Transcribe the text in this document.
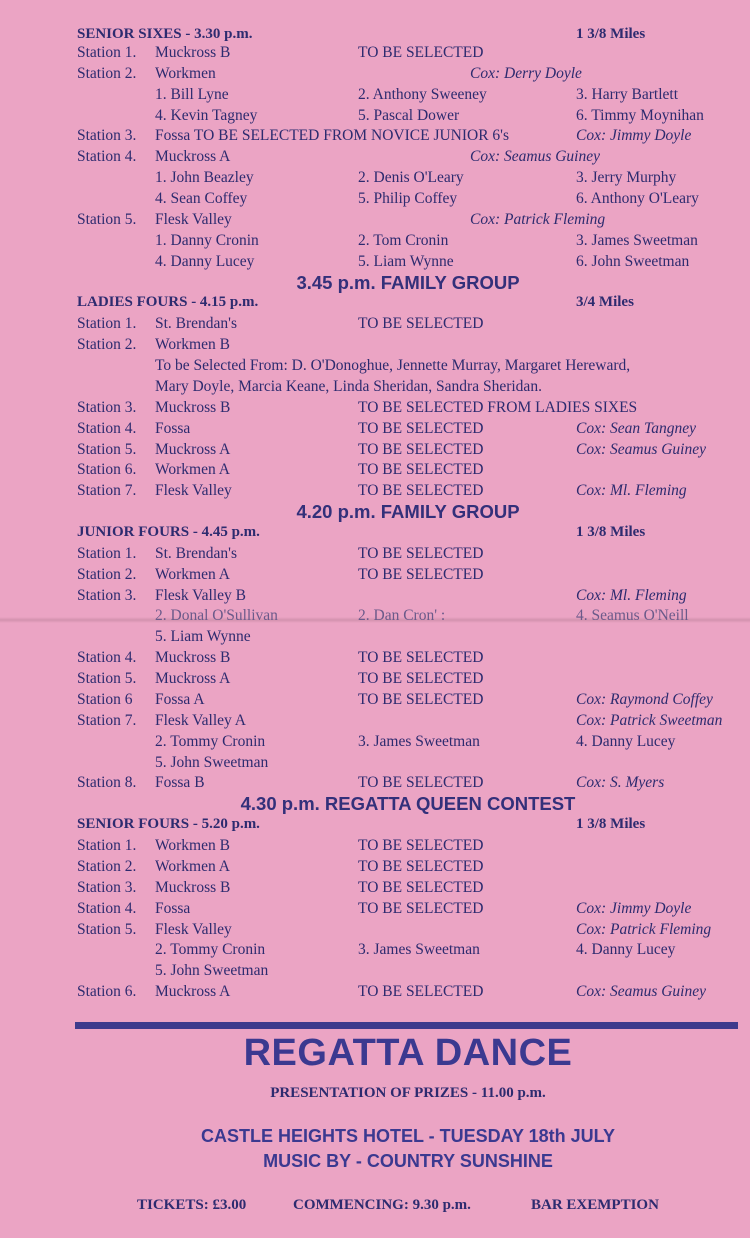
SENIOR SIXES - 3.30 p.m.	1 3/8 Miles
Station 1. Muckross B	TO BE SELECTED
Station 2. Workmen	Cox: Derry Doyle
1. Bill Lyne	2. Anthony Sweeney	3. Harry Bartlett
4. Kevin Tagney	5. Pascal Dower	6. Timmy Moynihan
Station 3. Fossa TO BE SELECTED FROM NOVICE JUNIOR 6's	Cox: Jimmy Doyle
Station 4. Muckross A	Cox: Seamus Guiney
1. John Beazley	2. Denis O'Leary	3. Jerry Murphy
4. Sean Coffey	5. Philip Coffey	6. Anthony O'Leary
Station 5. Flesk Valley	Cox: Patrick Fleming
1. Danny Cronin	2. Tom Cronin	3. James Sweetman
4. Danny Lucey	5. Liam Wynne	6. John Sweetman
3.45 p.m. FAMILY GROUP
LADIES FOURS - 4.15 p.m.	3/4 Miles
Station 1. St. Brendan's	TO BE SELECTED
Station 2. Workmen B
To be Selected From: D. O'Donoghue, Jennette Murray, Margaret Hereward,
Mary Doyle, Marcia Keane, Linda Sheridan, Sandra Sheridan.
Station 3. Muckross B	TO BE SELECTED FROM LADIES SIXES
Station 4. Fossa	TO BE SELECTED	Cox: Sean Tangney
Station 5. Muckross A	TO BE SELECTED	Cox: Seamus Guiney
Station 6. Workmen A	TO BE SELECTED
Station 7. Flesk Valley	TO BE SELECTED	Cox: Ml. Fleming
4.20 p.m. FAMILY GROUP
JUNIOR FOURS - 4.45 p.m.	1 3/8 Miles
Station 1. St. Brendan's	TO BE SELECTED
Station 2. Workmen A	TO BE SELECTED
Station 3. Flesk Valley B	Cox: Ml. Fleming
2. Donal O'Sullivan	2. Dan Cron' :	4. Seamus O'Neill
5. Liam Wynne
Station 4. Muckross B	TO BE SELECTED
Station 5. Muckross A	TO BE SELECTED
Station 6 Fossa A	TO BE SELECTED	Cox: Raymond Coffey
Station 7. Flesk Valley A	Cox: Patrick Sweetman
2. Tommy Cronin	3. James Sweetman	4. Danny Lucey
5. John Sweetman
Station 8. Fossa B	TO BE SELECTED	Cox: S. Myers
4.30 p.m. REGATTA QUEEN CONTEST
SENIOR FOURS - 5.20 p.m.	1 3/8 Miles
Station 1. Workmen B	TO BE SELECTED
Station 2. Workmen A	TO BE SELECTED
Station 3. Muckross B	TO BE SELECTED
Station 4. Fossa	TO BE SELECTED	Cox: Jimmy Doyle
Station 5. Flesk Valley	Cox: Patrick Fleming
2. Tommy Cronin	3. James Sweetman	4. Danny Lucey
5. John Sweetman
Station 6. Muckross A	TO BE SELECTED	Cox: Seamus Guiney
REGATTA DANCE
PRESENTATION OF PRIZES - 11.00 p.m.
CASTLE HEIGHTS HOTEL - TUESDAY 18th JULY
MUSIC BY - COUNTRY SUNSHINE
TICKETS: £3.00	COMMENCING: 9.30 p.m.	BAR EXEMPTION
